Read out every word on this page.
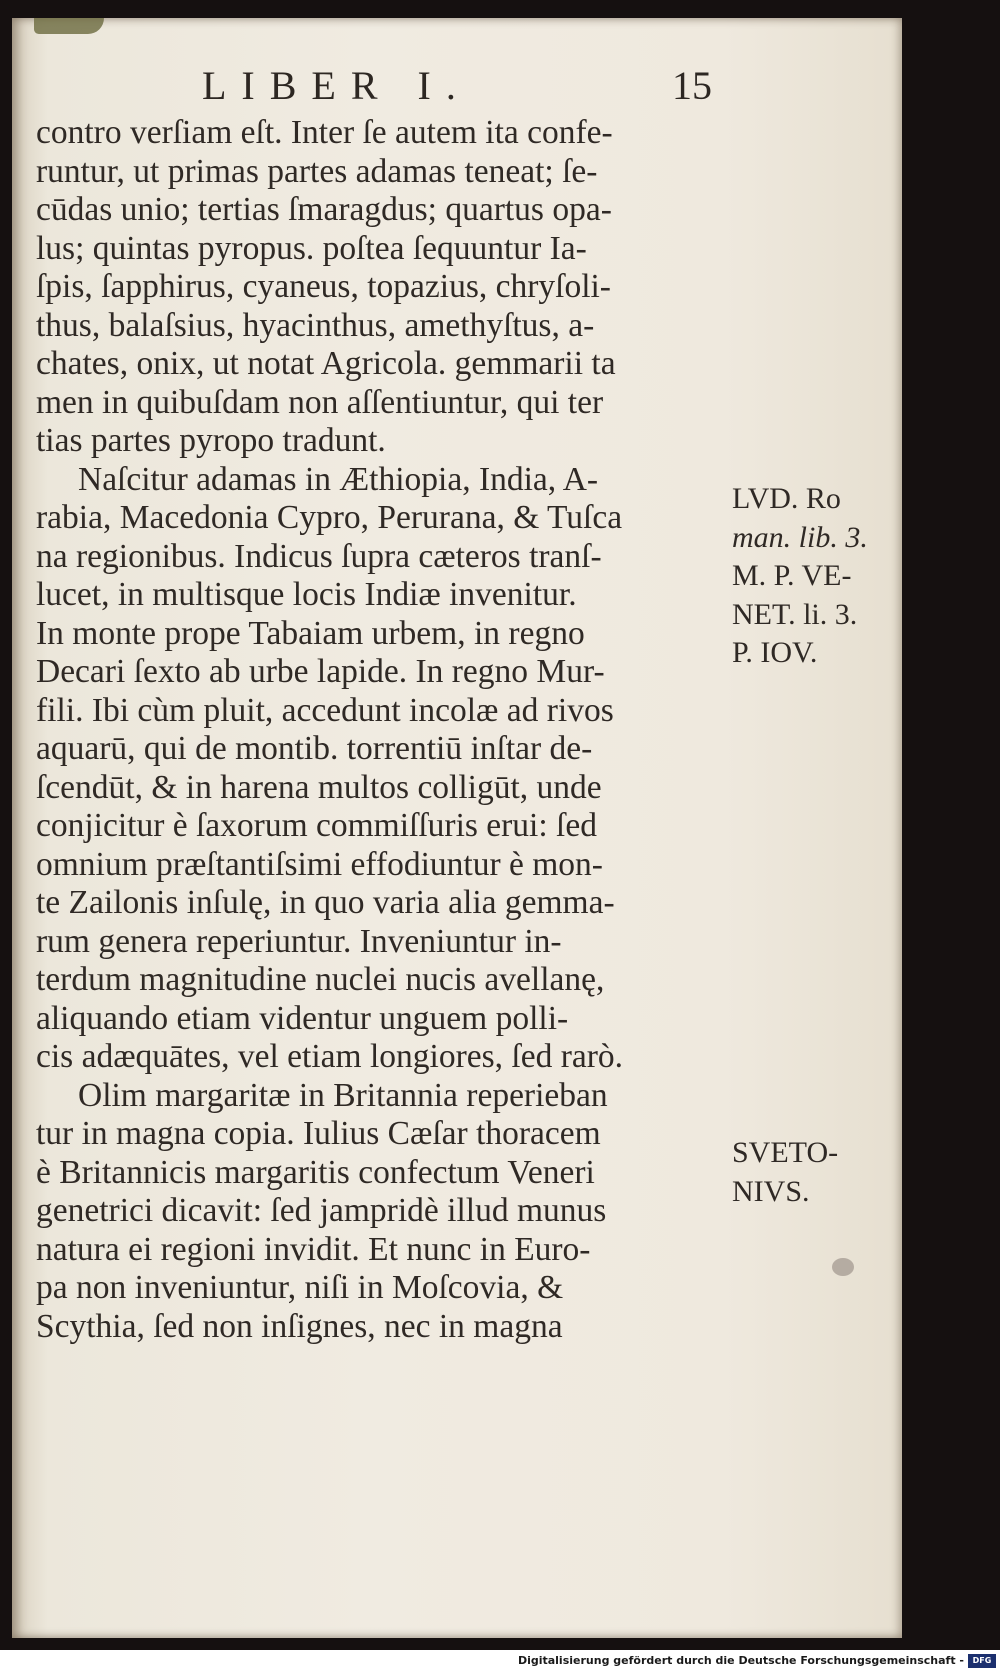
LIBER I.	15
contro verſiam eſt. Inter ſe autem ita confe-
runtur, ut primas partes adamas teneat; ſe-
cūdas unio; tertias ſmaragdus; quartus opa-
lus; quintas pyropus. poſtea ſequuntur Ia-
ſpis, ſapphirus, cyaneus, topazius, chryſoli-
thus, balaſsius, hyacinthus, amethyſtus, a-
chates, onix, ut notat Agricola. gemmarii ta
men in quibuſdam non aſſentiuntur, qui ter
tias partes pyropo tradunt.
Naſcitur adamas in Æthiopia, India, A-
rabia, Macedonia Cypro, Perurana, & Tuſca
na regionibus. Indicus ſupra cæteros tranſ-
lucet, in multisque locis Indiæ invenitur.
In monte prope Tabaiam urbem, in regno
Decari ſexto ab urbe lapide. In regno Mur-
fili. Ibi cùm pluit, accedunt incolæ ad rivos
aquarū, qui de montib. torrentiū inſtar de-
ſcendūt, & in harena multos colligūt, unde
conjicitur è ſaxorum commiſſuris erui: ſed
omnium præſtantiſsimi effodiuntur è mon-
te Zailonis inſulę, in quo varia alia gemma-
rum genera reperiuntur. Inveniuntur in-
terdum magnitudine nuclei nucis avellanę,
aliquando etiam videntur unguem polli-
cis adæquātes, vel etiam longiores, ſed rarò.
Olim margaritæ in Britannia reperieban
tur in magna copia. Iulius Cæſar thoracem
è Britannicis margaritis confectum Veneri
genetrici dicavit: ſed jampridè illud munus
natura ei regioni invidit. Et nunc in Euro-
pa non inveniuntur, niſi in Moſcovia, &
Scythia, ſed non inſignes, nec in magna
LVD. Ro
man. lib. 3.
M. P. VE-
NET. li. 3.
P. IOV.
SVETO-
NIVS.
Digitalisierung gefördert durch die Deutsche Forschungsgemeinschaft -	DFG
